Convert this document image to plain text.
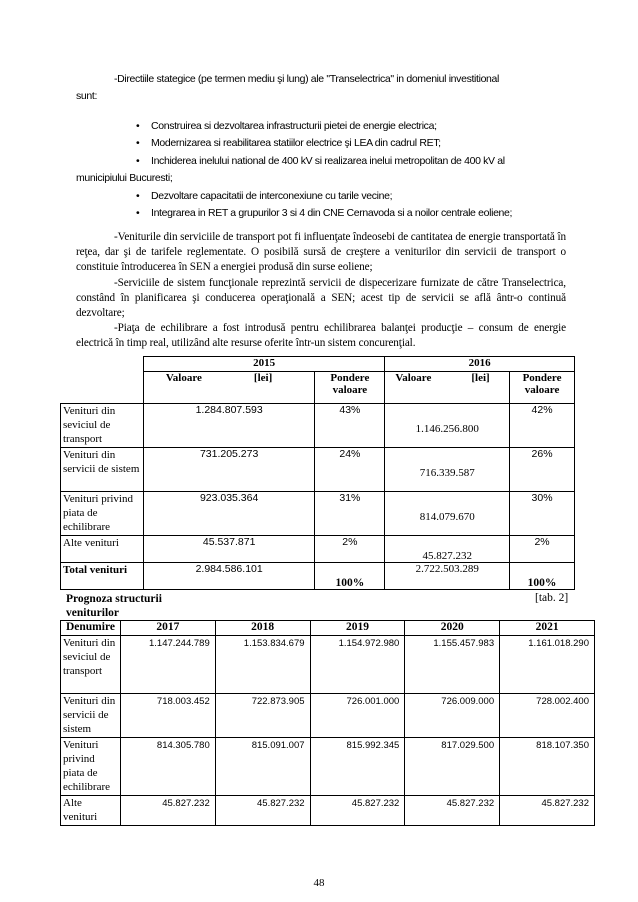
-Directiile stategice (pe termen mediu şi lung) ale "Transelectrica" in domeniul investitional
sunt:
• Construirea si dezvoltarea infrastructurii pietei de energie electrica;
• Modernizarea si reabilitarea statiilor electrice şi LEA din cadrul RET;
• Inchiderea inelului national de 400 kV si realizarea inelui metropolitan de 400 kV al
municipiului Bucuresti;
• Dezvoltare capacitatii de interconexiune cu tarile vecine;
• Integrarea in RET a grupurilor 3 si 4 din CNE Cernavoda si a noilor centrale eoliene;

-Veniturile din serviciile de transport pot fi influenţate îndeosebi de cantitatea de energie transportată în reţea, dar şi de tarifele reglementate. O posibilă sursă de creştere a veniturilor din servicii de transport o constituie întroducerea în SEN a energiei produsă din surse eoliene;

-Serviciile de sistem funcţionale reprezintă servicii de dispecerizare furnizate de către Transelectrica, constând în planificarea şi conducerea operaţională a SEN; acest tip de servicii se află ântr-o continuă dezvoltare;

-Piaţa de echilibrare a fost introdusă pentru echilibrarea balanţei producţie – consum de energie electrică în timp real, utilizând alte resurse oferite într-un sistem concurenţial.

	2015		2016	
	Valoare [lei]	Pondere valoare	Valoare [lei]	Pondere valoare
Venituri din seviciul de transport	1.284.807.593	43%	1.146.256.800	42%
Venituri din servicii de sistem	731.205.273	24%	716.339.587	26%
Venituri privind piata de echilibrare	923.035.364	31%	814.079.670	30%
Alte venituri	45.537.871	2%	45.827.232	2%
Total venituri	2.984.586.101	100%	2.722.503.289	100%
Prognoza structurii veniturilor
[tab. 2]
Denumire	2017	2018	2019	2020	2021
Venituri din seviciul de transport	1.147.244.789	1.153.834.679	1.154.972.980	1.155.457.983	1.161.018.290
Venituri din servicii de sistem	718.003.452	722.873.905	726.001.000	726.009.000	728.002.400
Venituri privind piata de echilibrare	814.305.780	815.091.007	815.992.345	817.029.500	818.107.350
Alte venituri	45.827.232	45.827.232	45.827.232	45.827.232	45.827.232
48
